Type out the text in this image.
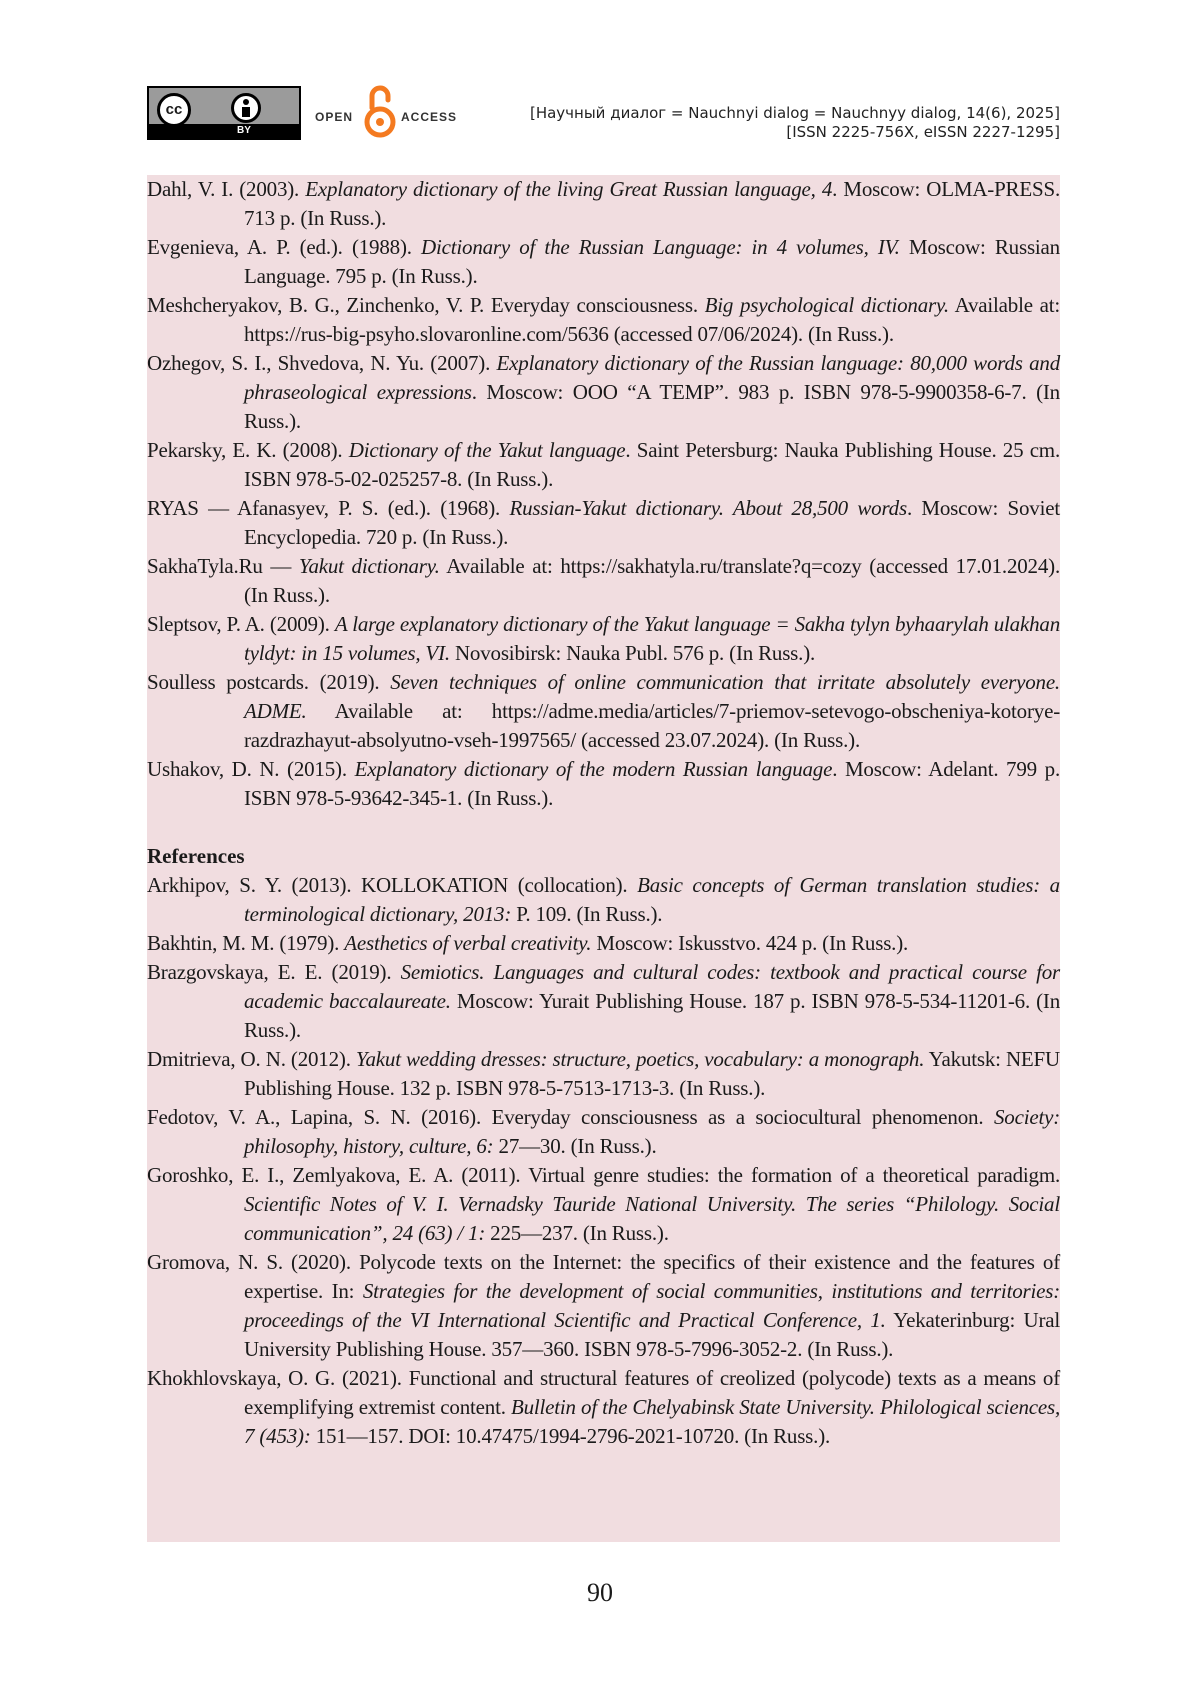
cc
BY
OPEN	ACCESS	[Научный диалог = Nauchnyi dialog = Nauchnyy dialog, 14(6), 2025]
[ISSN 2225-756X, eISSN 2227-1295]
Dahl, V. I. (2003). Explanatory dictionary of the living Great Russian language, 4. Moscow: OLMA-PRESS. 713 p. (In Russ.).
Evgenieva, A. P. (ed.). (1988). Dictionary of the Russian Language: in 4 volumes, IV. Moscow: Russian Language. 795 p. (In Russ.).
Meshcheryakov, B. G., Zinchenko, V. P. Everyday consciousness. Big psychological dictionary. Available at: https://rus-big-psyho.slovaronline.com/5636 (accessed 07/06/2024). (In Russ.).
Ozhegov, S. I., Shvedova, N. Yu. (2007). Explanatory dictionary of the Russian language: 80,000 words and phraseological expressions. Moscow: OOO “A TEMP”. 983 p. ISBN 978-5-9900358-6-7. (In Russ.).
Pekarsky, E. K. (2008). Dictionary of the Yakut language. Saint Petersburg: Nauka Publishing House. 25 cm. ISBN 978-5-02-025257-8. (In Russ.).
RYAS — Afanasyev, P. S. (ed.). (1968). Russian-Yakut dictionary. About 28,500 words. Moscow: Soviet Encyclopedia. 720 p. (In Russ.).
SakhaTyla.Ru — Yakut dictionary. Available at: https://sakhatyla.ru/translate?q=cozy (accessed 17.01.2024). (In Russ.).
Sleptsov, P. A. (2009). A large explanatory dictionary of the Yakut language = Sakha tylyn byhaarylah ulakhan tyldyt: in 15 volumes, VI. Novosibirsk: Nauka Publ. 576 p. (In Russ.).
Soulless postcards. (2019). Seven techniques of online communication that irritate absolutely everyone. ADME. Available at: https://adme.media/articles/7-priemov-setevogo-obscheniya-kotorye-razdrazhayut-absolyutno-vseh-1997565/ (accessed 23.07.2024). (In Russ.).
Ushakov, D. N. (2015). Explanatory dictionary of the modern Russian language. Moscow: Adelant. 799 p. ISBN 978-5-93642-345-1. (In Russ.).
References
Arkhipov, S. Y. (2013). KOLLOKATION (collocation). Basic concepts of German translation studies: a terminological dictionary, 2013: P. 109. (In Russ.).
Bakhtin, M. M. (1979). Aesthetics of verbal creativity. Moscow: Iskusstvo. 424 p. (In Russ.).
Brazgovskaya, E. E. (2019). Semiotics. Languages and cultural codes: textbook and practical course for academic baccalaureate. Moscow: Yurait Publishing House. 187 p. ISBN 978-5-534-11201-6. (In Russ.).
Dmitrieva, O. N. (2012). Yakut wedding dresses: structure, poetics, vocabulary: a monograph. Yakutsk: NEFU Publishing House. 132 p. ISBN 978-5-7513-1713-3. (In Russ.).
Fedotov, V. A., Lapina, S. N. (2016). Everyday consciousness as a sociocultural phenomenon. Society: philosophy, history, culture, 6: 27—30. (In Russ.).
Goroshko, E. I., Zemlyakova, E. A. (2011). Virtual genre studies: the formation of a theoretical paradigm. Scientific Notes of V. I. Vernadsky Tauride National University. The series “Philology. Social communication”, 24 (63) / 1: 225—237. (In Russ.).
Gromova, N. S. (2020). Polycode texts on the Internet: the specifics of their existence and the features of expertise. In: Strategies for the development of social communities, institutions and territories: proceedings of the VI International Scientific and Practical Conference, 1. Yekaterinburg: Ural University Publishing House. 357—360. ISBN 978-5-7996-3052-2. (In Russ.).
Khokhlovskaya, O. G. (2021). Functional and structural features of creolized (polycode) texts as a means of exemplifying extremist content. Bulletin of the Chelyabinsk State University. Philological sciences, 7 (453): 151—157. DOI: 10.47475/1994-2796-2021-10720. (In Russ.).
90
